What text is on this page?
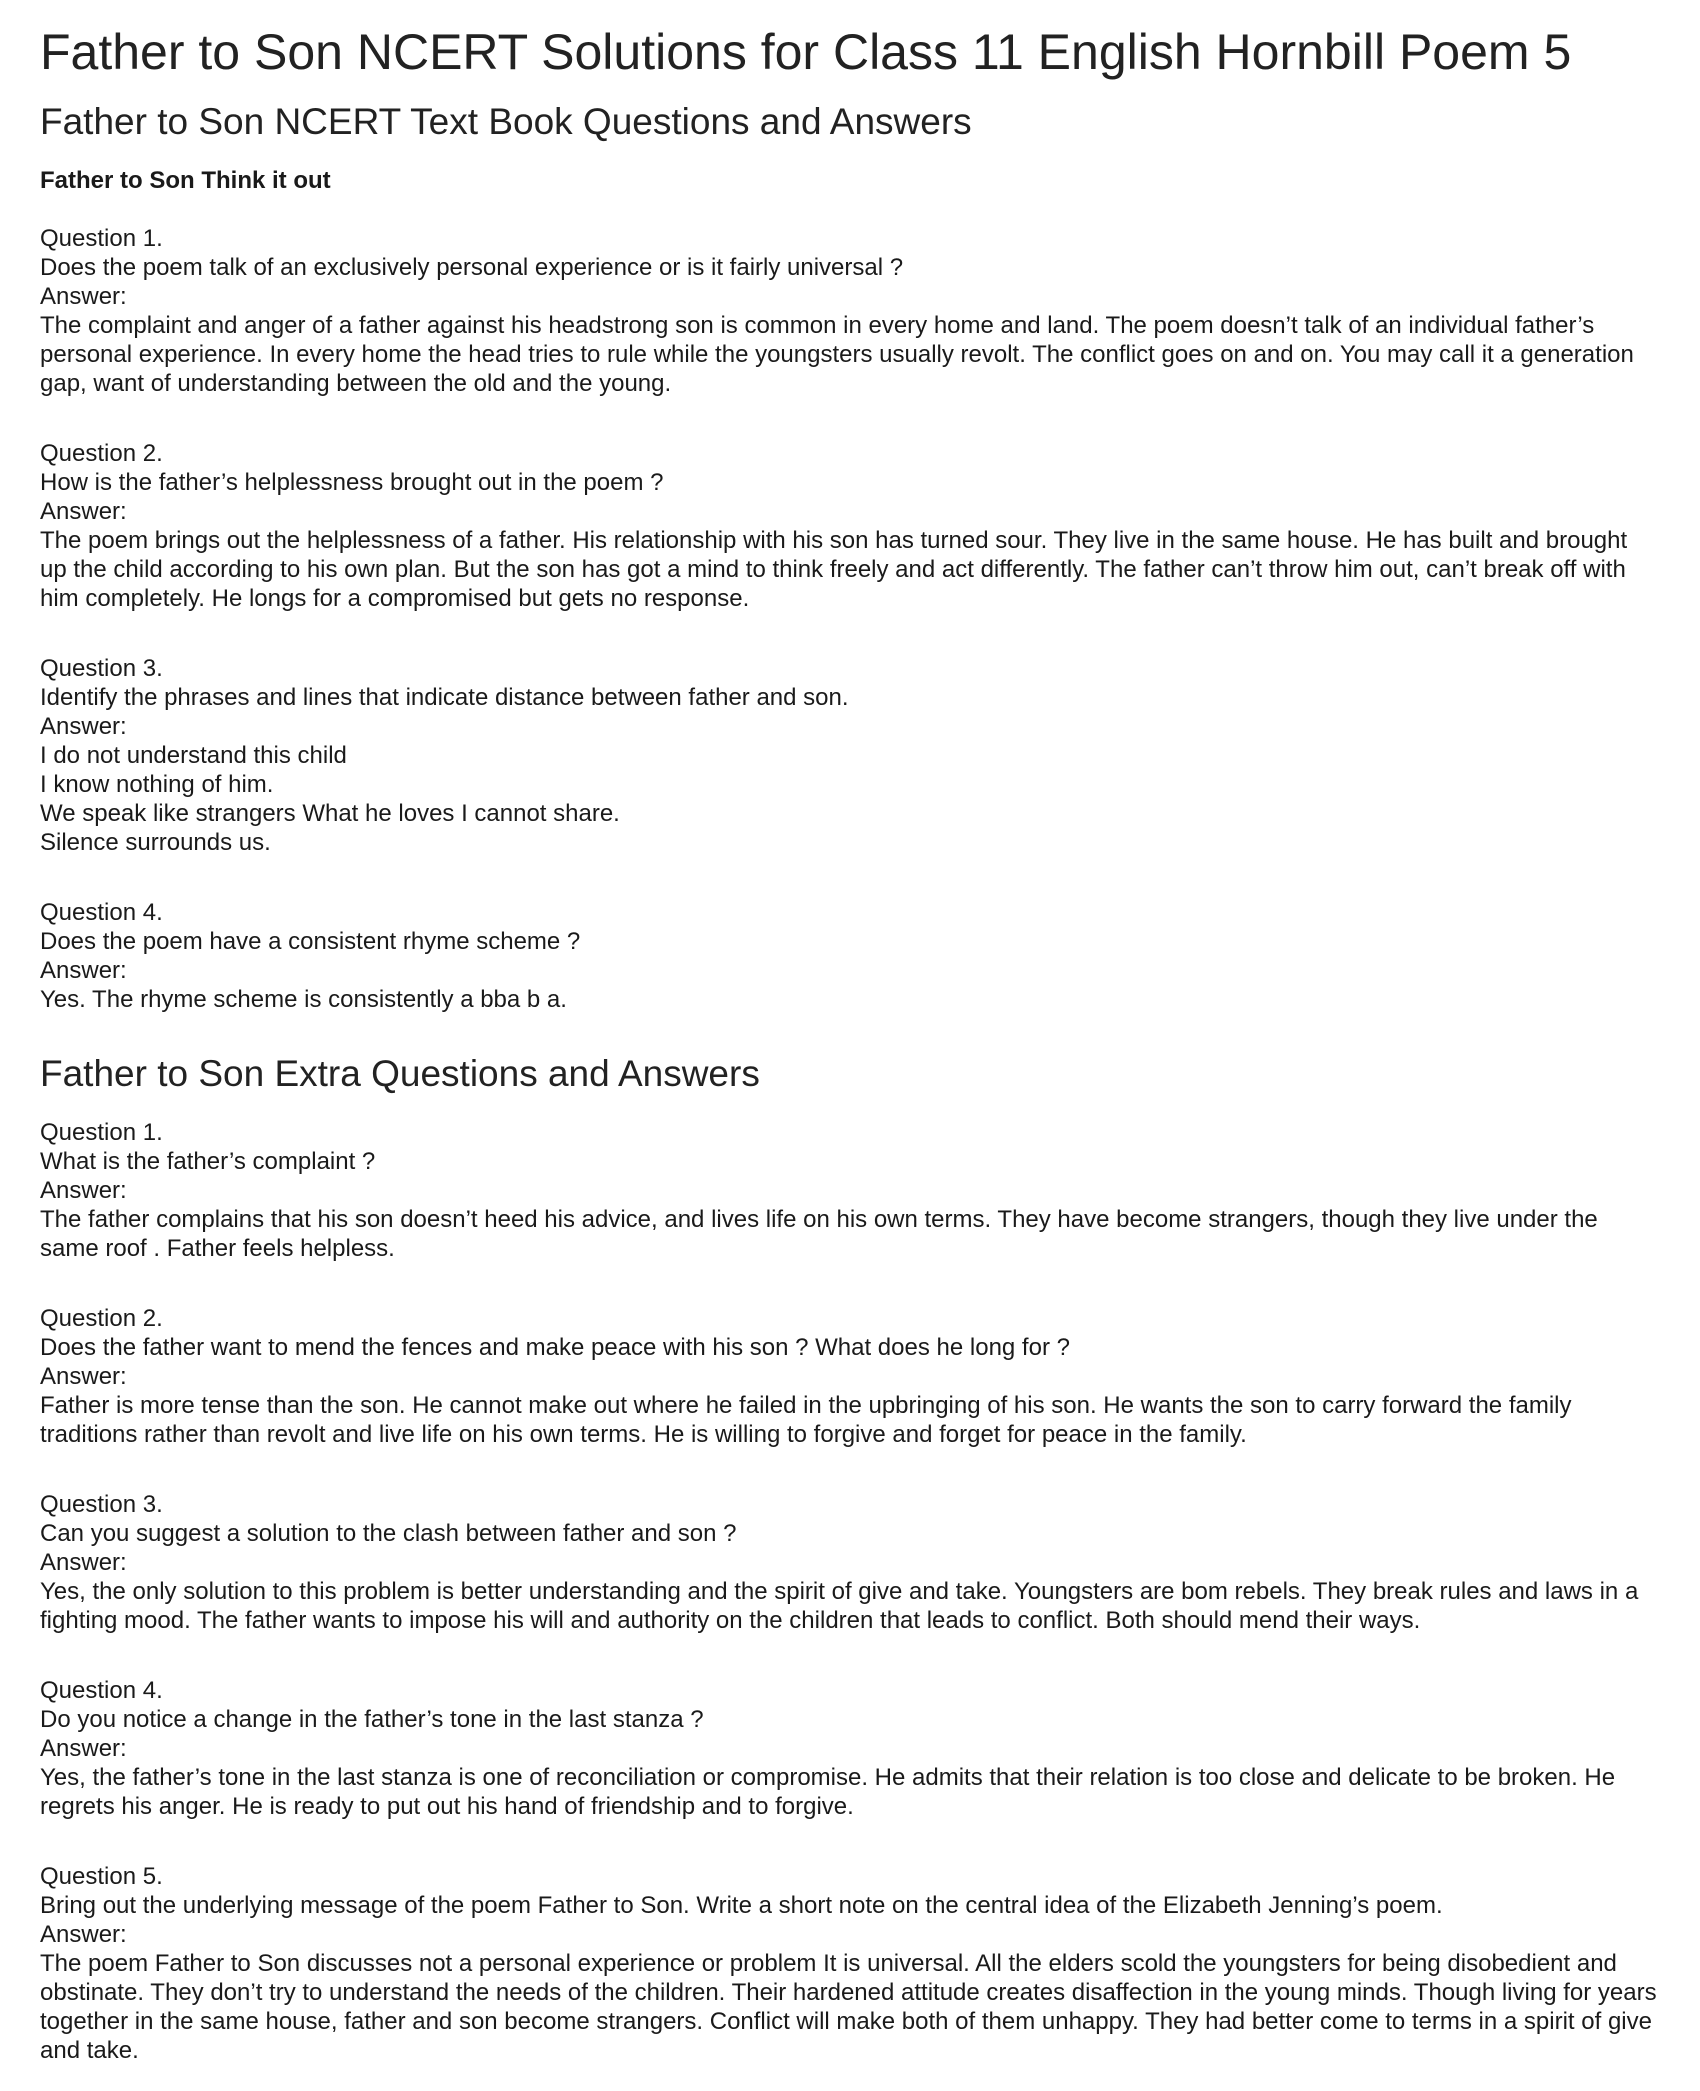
Father to Son NCERT Solutions for Class 11 English Hornbill Poem 5
Father to Son NCERT Text Book Questions and Answers
Father to Son Think it out
Question 1.
Does the poem talk of an exclusively personal experience or is it fairly universal ?
Answer:
The complaint and anger of a father against his headstrong son is common in every home and land. The poem doesn’t talk of an individual father’s personal experience. In every home the head tries to rule while the youngsters usually revolt. The conflict goes on and on. You may call it a generation gap, want of understanding between the old and the young.
Question 2.
How is the father’s helplessness brought out in the poem ?
Answer:
The poem brings out the helplessness of a father. His relationship with his son has turned sour. They live in the same house. He has built and brought up the child according to his own plan. But the son has got a mind to think freely and act differently. The father can’t throw him out, can’t break off with him completely. He longs for a compromised but gets no response.
Question 3.
Identify the phrases and lines that indicate distance between father and son.
Answer:
I do not understand this child
I know nothing of him.
We speak like strangers What he loves I cannot share.
Silence surrounds us.
Question 4.
Does the poem have a consistent rhyme scheme ?
Answer:
Yes. The rhyme scheme is consistently a bba b a.
Father to Son Extra Questions and Answers
Question 1.
What is the father’s complaint ?
Answer:
The father complains that his son doesn’t heed his advice, and lives life on his own terms. They have become strangers, though they live under the same roof . Father feels helpless.
Question 2.
Does the father want to mend the fences and make peace with his son ? What does he long for ?
Answer:
Father is more tense than the son. He cannot make out where he failed in the upbringing of his son. He wants the son to carry forward the family traditions rather than revolt and live life on his own terms. He is willing to forgive and forget for peace in the family.
Question 3.
Can you suggest a solution to the clash between father and son ?
Answer:
Yes, the only solution to this problem is better understanding and the spirit of give and take. Youngsters are bom rebels. They break rules and laws in a fighting mood. The father wants to impose his will and authority on the children that leads to conflict. Both should mend their ways.
Question 4.
Do you notice a change in the father’s tone in the last stanza ?
Answer:
Yes, the father’s tone in the last stanza is one of reconciliation or compromise. He admits that their relation is too close and delicate to be broken. He regrets his anger. He is ready to put out his hand of friendship and to forgive.
Question 5.
Bring out the underlying message of the poem Father to Son. Write a short note on the central idea of the Elizabeth Jenning’s poem.
Answer:
The poem Father to Son discusses not a personal experience or problem It is universal. All the elders scold the youngsters for being disobedient and obstinate. They don’t try to understand the needs of the children. Their hardened attitude creates disaffection in the young minds. Though living for years together in the same house, father and son become strangers. Conflict will make both of them unhappy. They had better come to terms in a spirit of give and take.
